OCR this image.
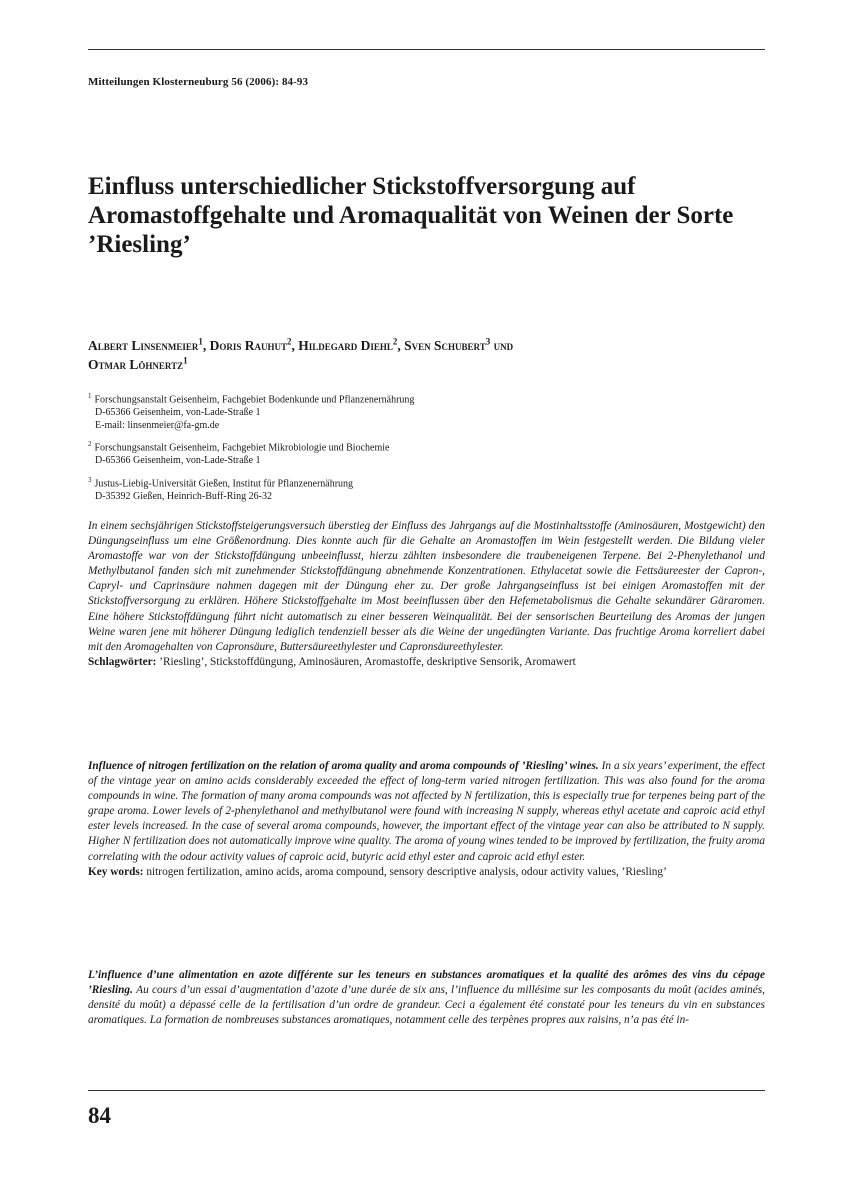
Mitteilungen Klosterneuburg 56 (2006): 84-93
Einfluss unterschiedlicher Stickstoffversorgung auf Aromastoffgehalte und Aromaqualität von Weinen der Sorte ’Riesling’
Albert Linsenmeier$^1$, Doris Rauhut$^2$, Hildegard Diehl$^2$, Sven Schubert$^3$ und
Otmar Löhnertz$^1$
$^1$ Forschungsanstalt Geisenheim, Fachgebiet Bodenkunde und Pflanzenernährung
D-65366 Geisenheim, von-Lade-Straße 1
E-mail: linsenmeier@fa-gm.de
$^2$ Forschungsanstalt Geisenheim, Fachgebiet Mikrobiologie und Biochemie
D-65366 Geisenheim, von-Lade-Straße 1
$^3$ Justus-Liebig-Universität Gießen, Institut für Pflanzenernährung
D-35392 Gießen, Heinrich-Buff-Ring 26-32
In einem sechsjährigen Stickstoffsteigerungsversuch überstieg der Einfluss des Jahrgangs auf die Mostinhaltsstoffe (Aminosäuren, Mostgewicht) den Düngungseinfluss um eine Größenordnung. Dies konnte auch für die Gehalte an Aromastoffen im Wein festgestellt werden. Die Bildung vieler Aromastoffe war von der Stickstoffdüngung unbeeinflusst, hierzu zählten insbesondere die traubeneigenen Terpene. Bei 2-Phenylethanol und Methylbutanol fanden sich mit zunehmender Stickstoffdüngung abnehmende Konzentrationen. Ethylacetat sowie die Fettsäureester der Capron-, Capryl- und Caprinsäure nahmen dagegen mit der Düngung eher zu. Der große Jahrgangseinfluss ist bei einigen Aromastoffen mit der Stickstoffversorgung zu erklären. Höhere Stickstoffgehalte im Most beeinflussen über den Hefemetabolismus die Gehalte sekundärer Gäraromen. Eine höhere Stickstoffdüngung führt nicht automatisch zu einer besseren Weinqualität. Bei der sensorischen Beurteilung des Aromas der jungen Weine waren jene mit höherer Düngung lediglich tendenziell besser als die Weine der ungedüngten Variante. Das fruchtige Aroma korreliert dabei mit den Aromagehalten von Capronsäure, Buttersäureethylester und Capronsäureethylester.
Schlagwörter: ’Riesling’, Stickstoffdüngung, Aminosäuren, Aromastoffe, deskriptive Sensorik, Aromawert
Influence of nitrogen fertilization on the relation of aroma quality and aroma compounds of ’Riesling’ wines. In a six years’ experiment, the effect of the vintage year on amino acids considerably exceeded the effect of long-term varied nitrogen fertilization. This was also found for the aroma compounds in wine. The formation of many aroma compounds was not affected by N fertilization, this is especially true for terpenes being part of the grape aroma. Lower levels of 2-phenylethanol and methylbutanol were found with increasing N supply, whereas ethyl acetate and caproic acid ethyl ester levels increased. In the case of several aroma compounds, however, the important effect of the vintage year can also be attributed to N supply. Higher N fertilization does not automatically improve wine quality. The aroma of young wines tended to be improved by fertilization, the fruity aroma correlating with the odour activity values of caproic acid, butyric acid ethyl ester and caproic acid ethyl ester.
Key words: nitrogen fertilization, amino acids, aroma compound, sensory descriptive analysis, odour activity values, ’Riesling’
L’influence d’une alimentation en azote différente sur les teneurs en substances aromatiques et la qualité des arômes des vins du cépage ’Riesling. Au cours d’un essai d’augmentation d’azote d’une durée de six ans, l’influence du millésime sur les composants du moût (acides aminés, densité du moût) a dépassé celle de la fertilisation d’un ordre de grandeur. Ceci a également été constaté pour les teneurs du vin en substances aromatiques. La formation de nombreuses substances aromatiques, notamment celle des terpènes propres aux raisins, n’a pas été in-
84
